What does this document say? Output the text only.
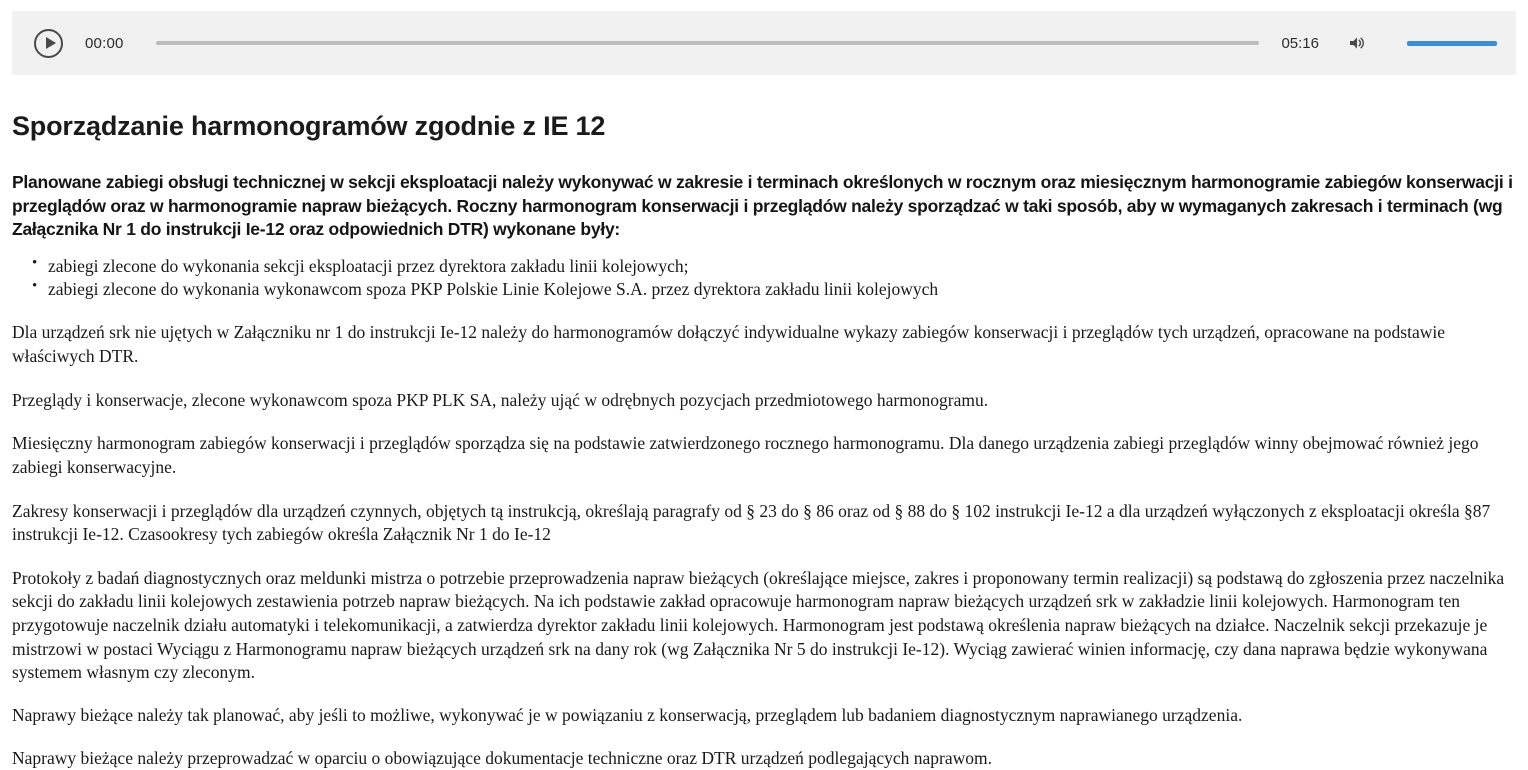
00:00	05:16
Sporządzanie harmonogramów zgodnie z IE 12

Planowane zabiegi obsługi technicznej w sekcji eksploatacji należy wykonywać w zakresie i terminach określonych w rocznym oraz miesięcznym harmonogramie zabiegów konserwacji i przeglądów oraz w harmonogramie napraw bieżących. Roczny harmonogram konserwacji i przeglądów należy sporządzać w taki sposób, aby w wymaganych zakresach i terminach (wg Załącznika Nr 1 do instrukcji Ie-12 oraz odpowiednich DTR) wykonane były:

• zabiegi zlecone do wykonania sekcji eksploatacji przez dyrektora zakładu linii kolejowych;
• zabiegi zlecone do wykonania wykonawcom spoza PKP Polskie Linie Kolejowe S.A. przez dyrektora zakładu linii kolejowych

Dla urządzeń srk nie ujętych w Załączniku nr 1 do instrukcji Ie-12 należy do harmonogramów dołączyć indywidualne wykazy zabiegów konserwacji i przeglądów tych urządzeń, opracowane na podstawie właściwych DTR.

Przeglądy i konserwacje, zlecone wykonawcom spoza PKP PLK SA, należy ująć w odrębnych pozycjach przedmiotowego harmonogramu.

Miesięczny harmonogram zabiegów konserwacji i przeglądów sporządza się na podstawie zatwierdzonego rocznego harmonogramu. Dla danego urządzenia zabiegi przeglądów winny obejmować również jego zabiegi konserwacyjne.

Zakresy konserwacji i przeglądów dla urządzeń czynnych, objętych tą instrukcją, określają paragrafy od § 23 do § 86 oraz od § 88 do § 102 instrukcji Ie-12 a dla urządzeń wyłączonych z eksploatacji określa §87 instrukcji Ie-12. Czasookresy tych zabiegów określa Załącznik Nr 1 do Ie-12

Protokoły z badań diagnostycznych oraz meldunki mistrza o potrzebie przeprowadzenia napraw bieżących (określające miejsce, zakres i proponowany termin realizacji) są podstawą do zgłoszenia przez naczelnika sekcji do zakładu linii kolejowych zestawienia potrzeb napraw bieżących. Na ich podstawie zakład opracowuje harmonogram napraw bieżących urządzeń srk w zakładzie linii kolejowych. Harmonogram ten przygotowuje naczelnik działu automatyki i telekomunikacji, a zatwierdza dyrektor zakładu linii kolejowych. Harmonogram jest podstawą określenia napraw bieżących na działce. Naczelnik sekcji przekazuje je mistrzowi w postaci Wyciągu z Harmonogramu napraw bieżących urządzeń srk na dany rok (wg Załącznika Nr 5 do instrukcji Ie-12). Wyciąg zawierać winien informację, czy dana naprawa będzie wykonywana systemem własnym czy zleconym.

Naprawy bieżące należy tak planować, aby jeśli to możliwe, wykonywać je w powiązaniu z konserwacją, przeglądem lub badaniem diagnostycznym naprawianego urządzenia.

Naprawy bieżące należy przeprowadzać w oparciu o obowiązujące dokumentacje techniczne oraz DTR urządzeń podlegających naprawom.
